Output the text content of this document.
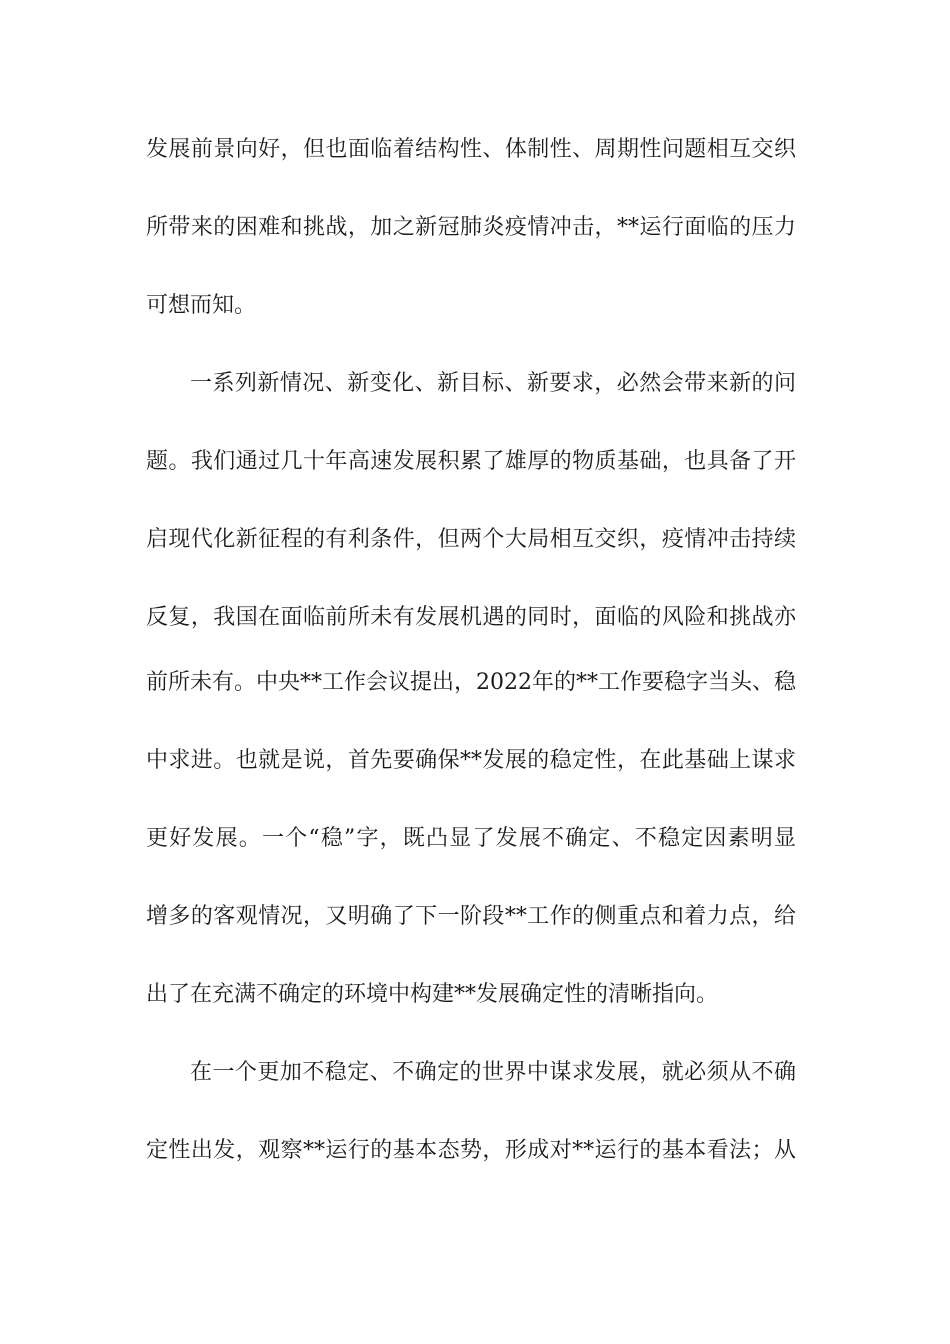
发展前景向好，但也面临着结构性、体制性、周期性问题相互交织
所带来的困难和挑战，加之新冠肺炎疫情冲击，**运行面临的压力
可想而知。
一系列新情况、新变化、新目标、新要求，必然会带来新的问
题。我们通过几十年高速发展积累了雄厚的物质基础，也具备了开
启现代化新征程的有利条件，但两个大局相互交织，疫情冲击持续
反复，我国在面临前所未有发展机遇的同时，面临的风险和挑战亦
前所未有。中央**工作会议提出，2022年的**工作要稳字当头、稳
中求进。也就是说，首先要确保**发展的稳定性，在此基础上谋求
更好发展。一个“稳”字，既凸显了发展不确定、不稳定因素明显
增多的客观情况，又明确了下一阶段**工作的侧重点和着力点，给
出了在充满不确定的环境中构建**发展确定性的清晰指向。
在一个更加不稳定、不确定的世界中谋求发展，就必须从不确
定性出发，观察**运行的基本态势，形成对**运行的基本看法；从
